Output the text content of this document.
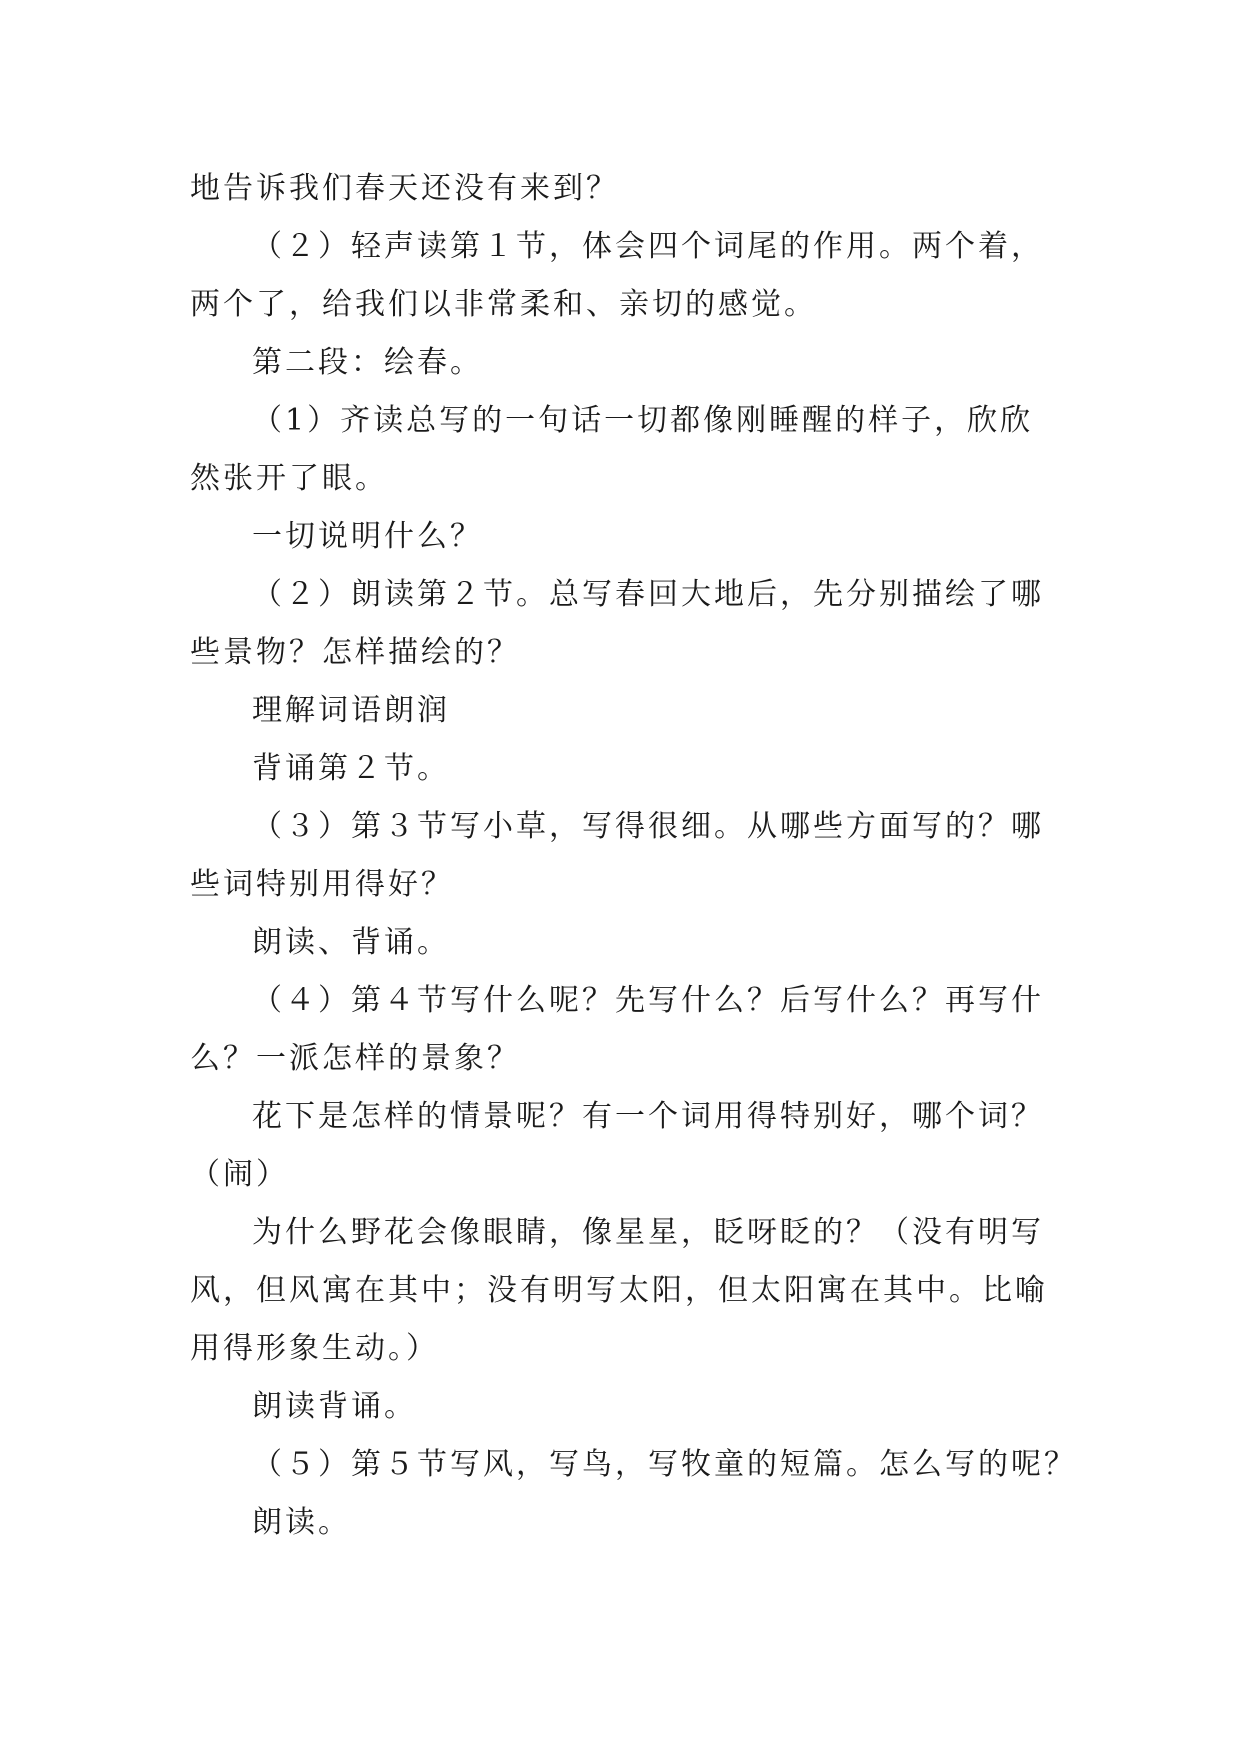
地告诉我们春天还没有来到？
（２）轻声读第１节，体会四个词尾的作用。两个着，
两个了，给我们以非常柔和、亲切的感觉。
第二段：绘春。
（1）齐读总写的一句话一切都像刚睡醒的样子，欣欣
然张开了眼。
一切说明什么？
（２）朗读第２节。总写春回大地后，先分别描绘了哪
些景物？怎样描绘的？
理解词语朗润
背诵第２节。
（３）第３节写小草，写得很细。从哪些方面写的？哪
些词特别用得好？
朗读、背诵。
（４）第４节写什么呢？先写什么？后写什么？再写什
么？一派怎样的景象？
花下是怎样的情景呢？有一个词用得特别好，哪个词？
（闹）
为什么野花会像眼睛，像星星，眨呀眨的？（没有明写
风，但风寓在其中；没有明写太阳，但太阳寓在其中。比喻
用得形象生动。）
朗读背诵。
（５）第５节写风，写鸟，写牧童的短篇。怎么写的呢？
朗读。
